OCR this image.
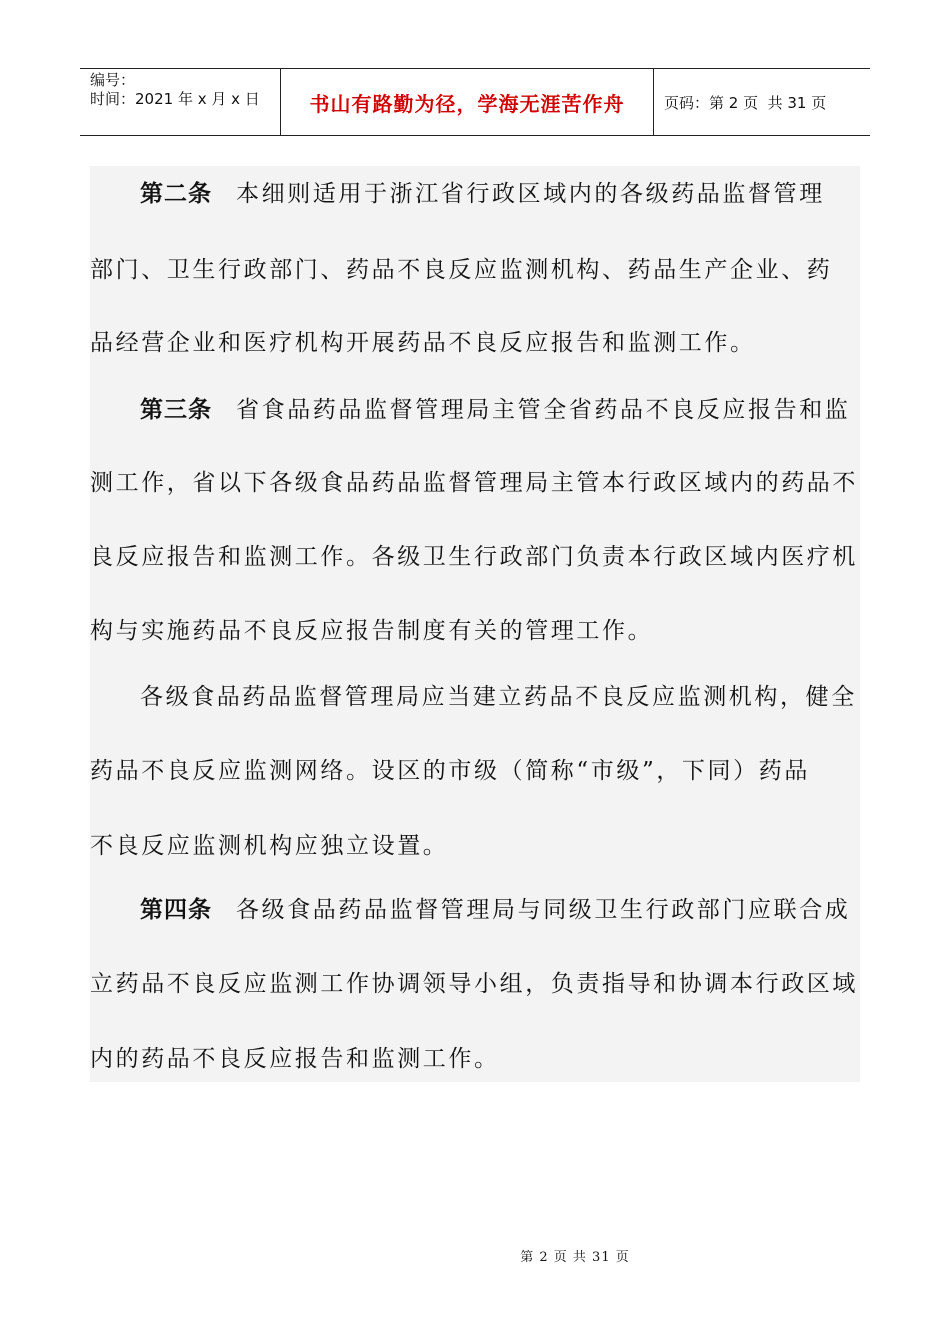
编号：
时间：2021 年 x 月 x 日	书山有路勤为径，学海无涯苦作舟	页码：第 2 页  共 31 页
第二条 本细则适用于浙江省行政区域内的各级药品监督管理
部门、卫生行政部门、药品不良反应监测机构、药品生产企业、药
品经营企业和医疗机构开展药品不良反应报告和监测工作。
第三条 省食品药品监督管理局主管全省药品不良反应报告和监
测工作，省以下各级食品药品监督管理局主管本行政区域内的药品不
良反应报告和监测工作。各级卫生行政部门负责本行政区域内医疗机
构与实施药品不良反应报告制度有关的管理工作。
各级食品药品监督管理局应当建立药品不良反应监测机构，健全
药品不良反应监测网络。设区的市级（简称“市级”，下同）药品
不良反应监测机构应独立设置。
第四条 各级食品药品监督管理局与同级卫生行政部门应联合成
立药品不良反应监测工作协调领导小组，负责指导和协调本行政区域
内的药品不良反应报告和监测工作。
第 2 页 共 31 页
